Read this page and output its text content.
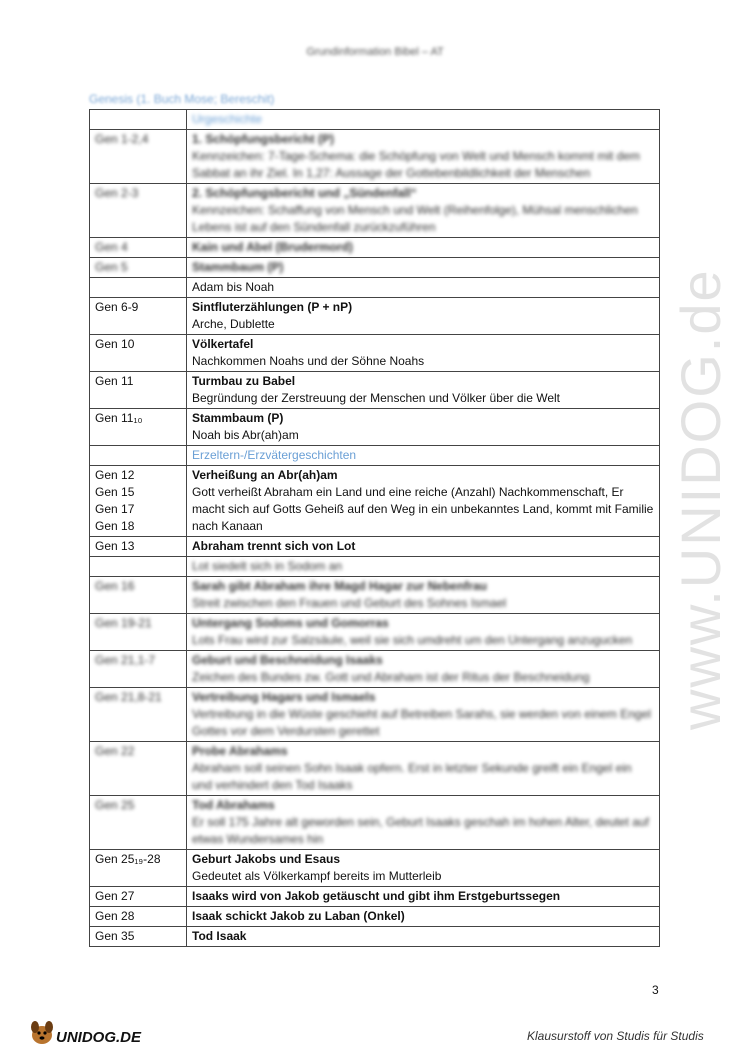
Grundinformation Bibel – AT
Genesis (1. Buch Mose; Bereschit)
www.UNIDOG.de

	Urgeschichte

Gen 1-2,4	1. Schöpfungsbericht (P)
Kennzeichen: 7-Tage-Schema: die Schöpfung von Welt und Mensch kommt mit dem Sabbat an ihr Ziel. In 1,27: Aussage der Gottebenbildlichkeit der Menschen

Gen 2-3	2. Schöpfungsbericht und „Sündenfall“
Kennzeichen: Schaffung von Mensch und Welt (Reihenfolge), Mühsal menschlichen Lebens ist auf den Sündenfall zurückzuführen

Gen 4	Kain und Abel (Brudermord)

Gen 5	Stammbaum (P)

	Adam bis Noah

Gen 6-9	Sintfluterzählungen (P + nP)
Arche, Dublette

Gen 10	Völkertafel
Nachkommen Noahs und der Söhne Noahs

Gen 11	Turmbau zu Babel
Begründung der Zerstreuung der Menschen und Völker über die Welt

Gen 11₁₀	Stammbaum (P)
Noah bis Abr(ah)am

	Erzeltern-/Erzvätergeschichten

Gen 12
Gen 15
Gen 17
Gen 18	Verheißung an Abr(ah)am
Gott verheißt Abraham ein Land und eine reiche (Anzahl) Nachkommenschaft, Er macht sich auf Gotts Geheiß auf den Weg in ein unbekanntes Land, kommt mit Familie nach Kanaan

Gen 13	Abraham trennt sich von Lot

	Lot siedelt sich in Sodom an

Gen 16	Sarah gibt Abraham ihre Magd Hagar zur Nebenfrau
Streit zwischen den Frauen und Geburt des Sohnes Ismael

Gen 19-21	Untergang Sodoms und Gomorras
Lots Frau wird zur Salzsäule, weil sie sich umdreht um den Untergang anzugucken

Gen 21,1-7	Geburt und Beschneidung Isaaks
Zeichen des Bundes zw. Gott und Abraham ist der Ritus der Beschneidung

Gen 21,8-21	Vertreibung Hagars und Ismaels
Vertreibung in die Wüste geschieht auf Betreiben Sarahs, sie werden von einem Engel Gottes vor dem Verdursten gerettet

Gen 22	Probe Abrahams
Abraham soll seinen Sohn Isaak opfern. Erst in letzter Sekunde greift ein Engel ein und verhindert den Tod Isaaks

Gen 25	Tod Abrahams
Er soll 175 Jahre alt geworden sein, Geburt Isaaks geschah im hohen Alter, deutet auf etwas Wundersames hin

Gen 25₁₉-28	Geburt Jakobs und Esaus
Gedeutet als Völkerkampf bereits im Mutterleib

Gen 27	Isaaks wird von Jakob getäuscht und gibt ihm Erstgeburtssegen

Gen 28	Isaak schickt Jakob zu Laban (Onkel)

Gen 35	Tod Isaak
3
UNIDOG.DE	Klausurstoff von Studis für Studis
